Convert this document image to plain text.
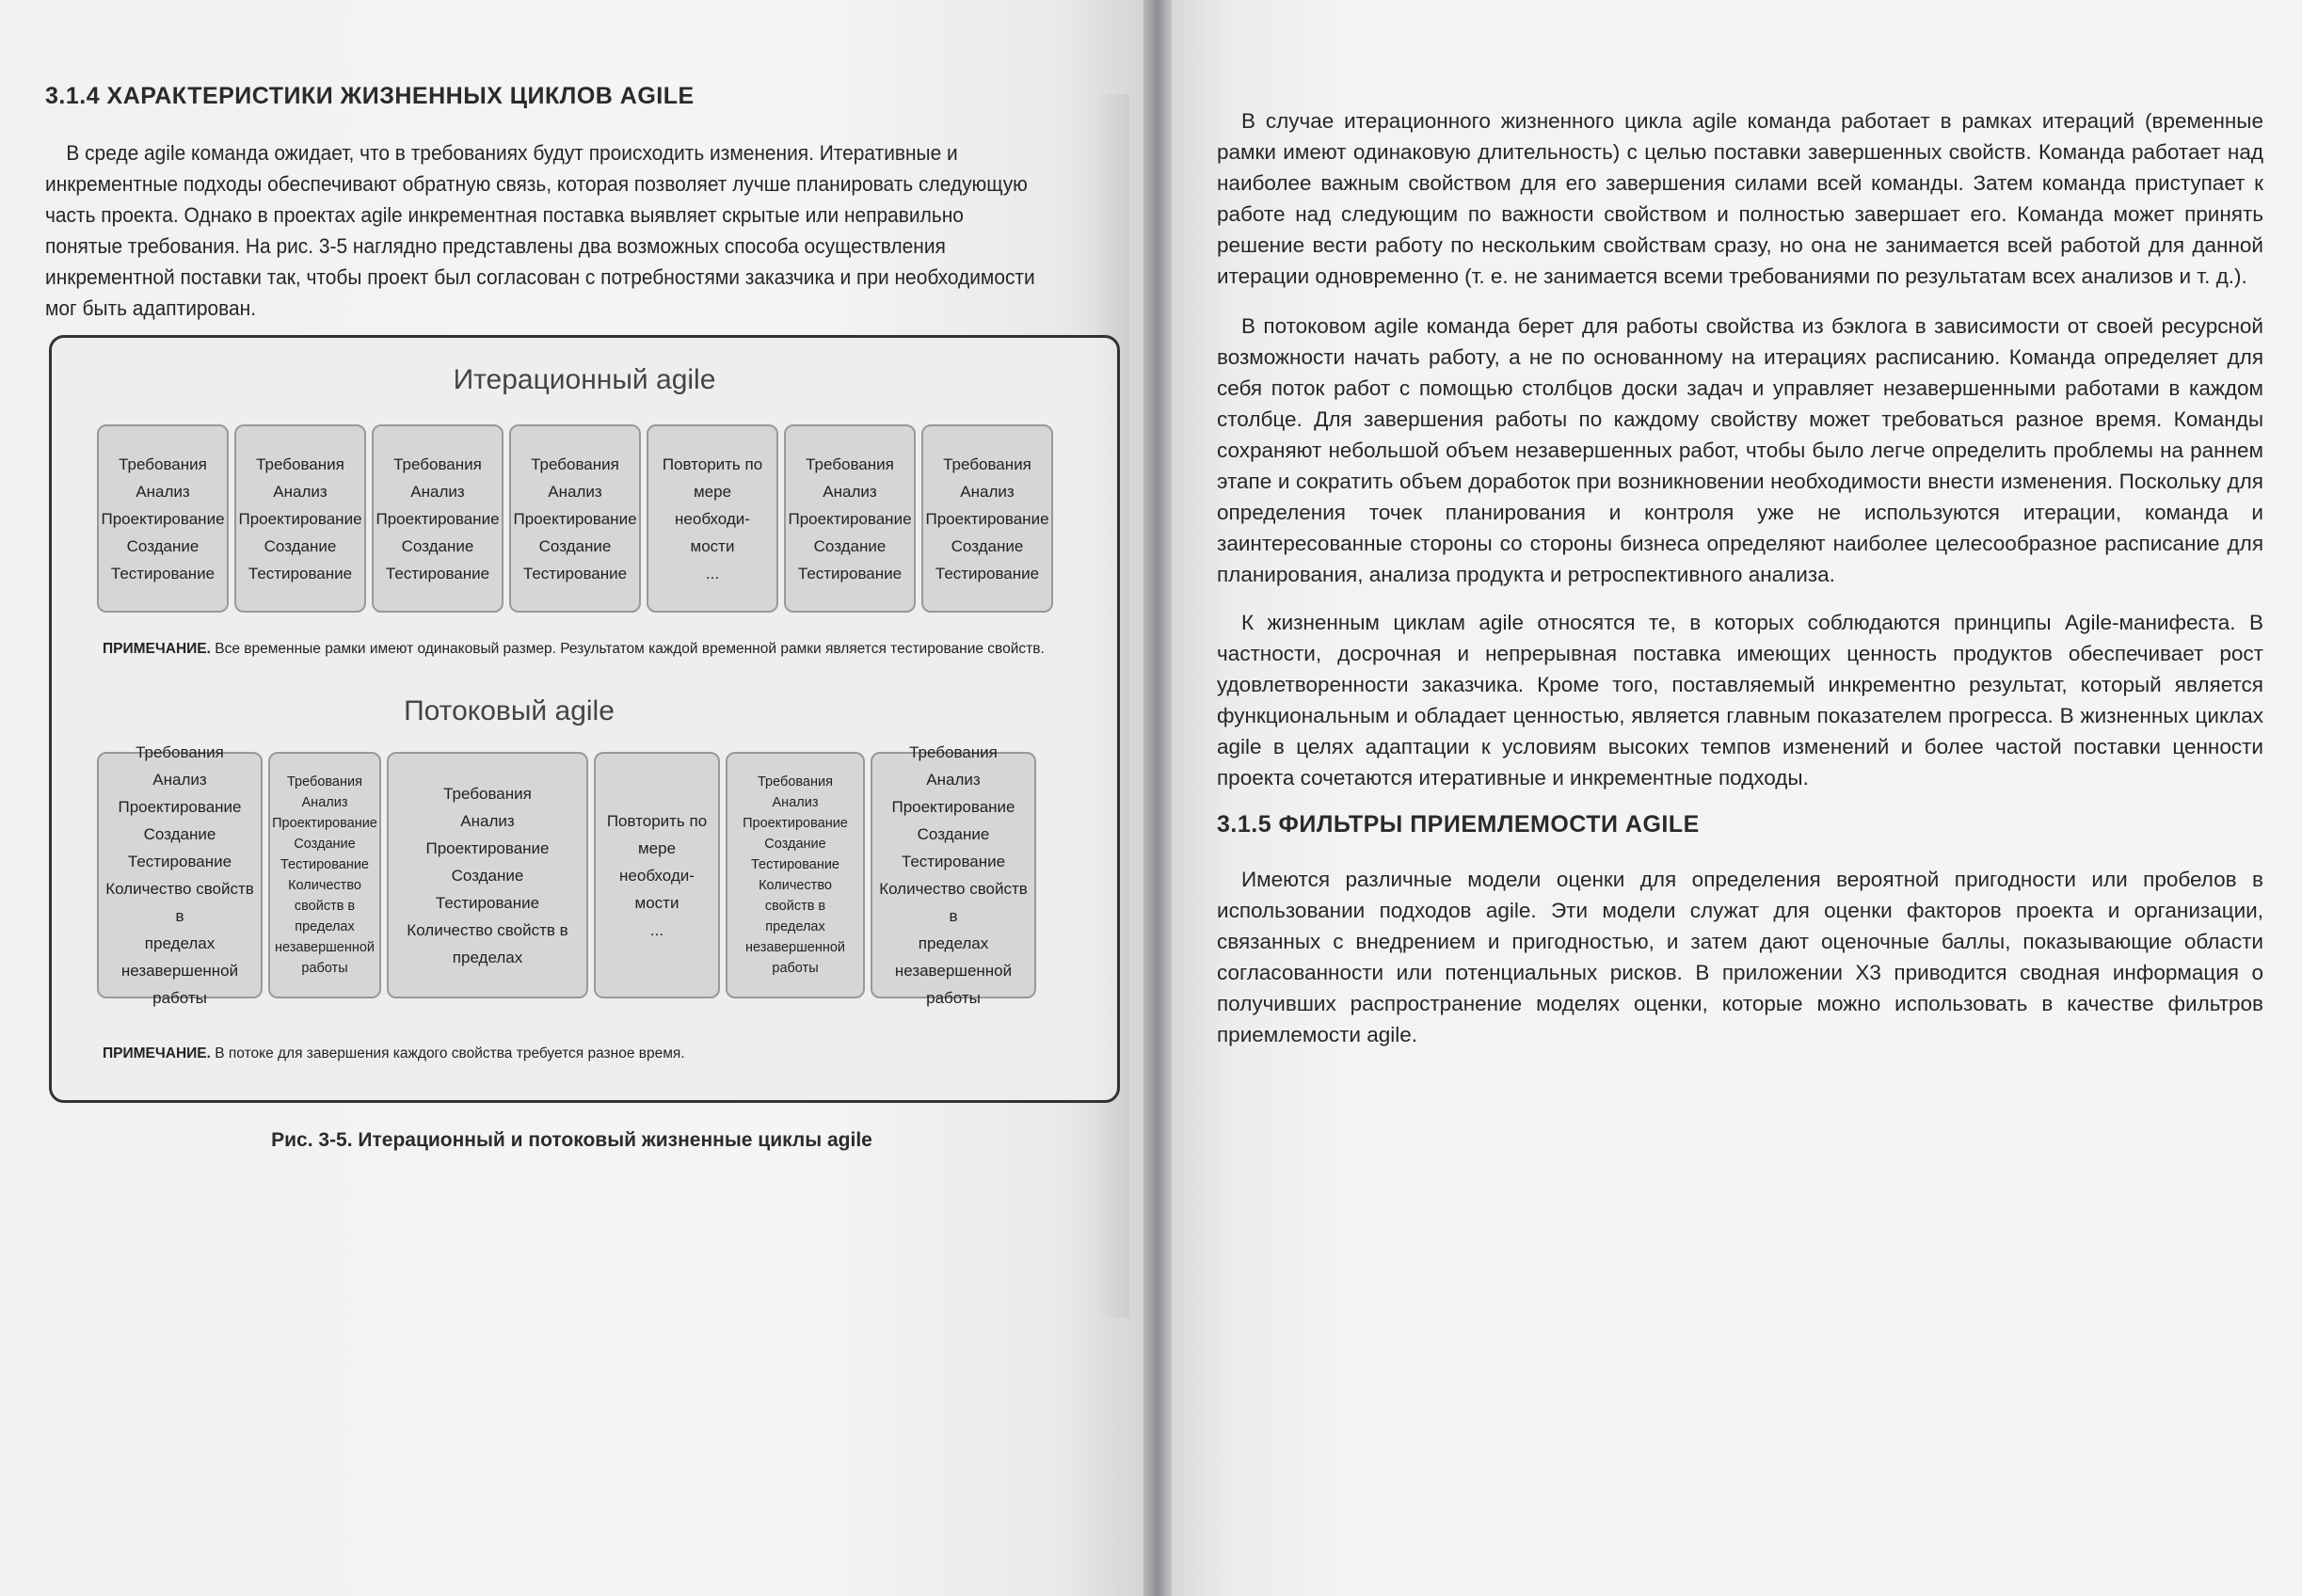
3.1.4 ХАРАКТЕРИСТИКИ ЖИЗНЕННЫХ ЦИКЛОВ AGILE

В среде agile команда ожидает, что в требованиях будут происходить изменения. Итеративные и инкрементные подходы обеспечивают обратную связь, которая позволяет лучше планировать следующую часть проекта. Однако в проектах agile инкрементная поставка выявляет скрытые или неправильно понятые требования. На рис. 3-5 наглядно представлены два возможных способа осуществления инкрементной поставки так, чтобы проект был согласован с потребностями заказчика и при необходимости мог быть адаптирован.

Итерационный agile
Требования
Анализ
Проектирование
Создание
Тестирование
Требования
Анализ
Проектирование
Создание
Тестирование
Требования
Анализ
Проектирование
Создание
Тестирование
Требования
Анализ
Проектирование
Создание
Тестирование
Повторить по
мере необходи-
мости
...
Требования
Анализ
Проектирование
Создание
Тестирование
Требования
Анализ
Проектирование
Создание
Тестирование
ПРИМЕЧАНИЕ. Все временные рамки имеют одинаковый размер. Результатом каждой временной рамки является тестирование свойств.
Потоковый agile
Требования
Анализ
Проектирование
Создание
Тестирование
Количество свойств в
пределах
незавершенной
работы
Требования
Анализ
Проектирование
Создание
Тестирование
Количество
свойств в
пределах
незавершенной
работы
Требования
Анализ
Проектирование
Создание
Тестирование
Количество свойств в
пределах
Повторить по
мере необходи-
мости
...
Требования
Анализ
Проектирование
Создание
Тестирование
Количество
свойств в
пределах
незавершенной
работы
Требования
Анализ
Проектирование
Создание
Тестирование
Количество свойств в
пределах
незавершенной
работы
ПРИМЕЧАНИЕ. В потоке для завершения каждого свойства требуется разное время.
Рис. 3-5. Итерационный и потоковый жизненные циклы agile

В случае итерационного жизненного цикла agile команда работает в рамках итераций (временные рамки имеют одинаковую длительность) с целью поставки завершенных свойств. Команда работает над наиболее важным свойством для его завершения силами всей команды. Затем команда приступает к работе над следующим по важности свойством и полностью завершает его. Команда может принять решение вести работу по нескольким свойствам сразу, но она не занимается всей работой для данной итерации одновременно (т. е. не занимается всеми требованиями по результатам всех анализов и т. д.).

В потоковом agile команда берет для работы свойства из бэклога в зависимости от своей ресурсной возможности начать работу, а не по основанному на итерациях расписанию. Команда определяет для себя поток работ с помощью столбцов доски задач и управляет незавершенными работами в каждом столбце. Для завершения работы по каждому свойству может требоваться разное время. Команды сохраняют небольшой объем незавершенных работ, чтобы было легче определить проблемы на раннем этапе и сократить объем доработок при возникновении необходимости внести изменения. Поскольку для определения точек планирования и контроля уже не используются итерации, команда и заинтересованные стороны со стороны бизнеса определяют наиболее целесообразное расписание для планирования, анализа продукта и ретроспективного анализа.

К жизненным циклам agile относятся те, в которых соблюдаются принципы Agile-манифеста. В частности, досрочная и непрерывная поставка имеющих ценность продуктов обеспечивает рост удовлетворенности заказчика. Кроме того, поставляемый инкрементно результат, который является функциональным и обладает ценностью, является главным показателем прогресса. В жизненных циклах agile в целях адаптации к условиям высоких темпов изменений и более частой поставки ценности проекта сочетаются итеративные и инкрементные подходы.

3.1.5 ФИЛЬТРЫ ПРИЕМЛЕМОСТИ AGILE

Имеются различные модели оценки для определения вероятной пригодности или пробелов в использовании подходов agile. Эти модели служат для оценки факторов проекта и организации, связанных с внедрением и пригодностью, и затем дают оценочные баллы, показывающие области согласованности или потенциальных рисков. В приложении X3 приводится сводная информация о получивших распространение моделях оценки, которые можно использовать в качестве фильтров приемлемости agile.
